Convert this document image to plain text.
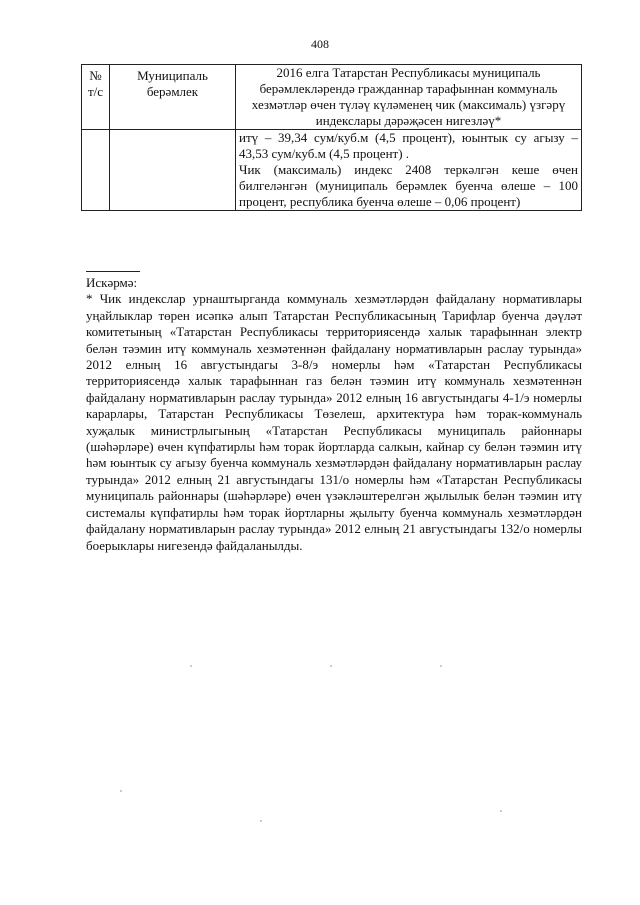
408
№ т/с	Муниципаль берәмлек	2016 елга Татарстан Республикасы муниципаль берәмлекләрендә гражданнар тарафыннан коммуналь хезмәтләр өчен түләү күләменең чик (максималь) үзгәрү индекслары дәрәҗәсен нигезләү*

		итү – 39,34 сум/куб.м (4,5 процент), юынтык су агызу – 43,53 сум/куб.м (4,5 процент) .

Чик (максималь) индекс 2408 теркәлгән кеше өчен билгеләнгән (муниципаль берәмлек буенча өлеше – 100 процент, республика буенча өлеше – 0,06 процент)

Искәрмә:

* Чик индекслар урнаштырганда коммуналь хезмәтләрдән файдалану нормативлары уңайлыклар төрен исәпкә алып Татарстан Республикасының Тарифлар буенча дәүләт комитетының «Татарстан Республикасы территориясендә халык тарафыннан электр белән тәэмин итү коммуналь хезмәтеннән файдалану нормативларын раслау турында» 2012 елның 16 августындагы 3-8/э номерлы һәм «Татарстан Республикасы территориясендә халык тарафыннан газ белән тәэмин итү коммуналь хезмәтеннән файдалану нормативларын раслау турында» 2012 елның 16 августындагы 4-1/э номерлы карарлары, Татарстан Республикасы Төзелеш, архитектура һәм торак-коммуналь хуҗалык министрлыгының «Татарстан Республикасы муниципаль районнары (шәһәрләре) өчен күпфатирлы һәм торак йортларда салкын, кайнар су белән тәэмин итү һәм юынтык су агызу буенча коммуналь хезмәтләрдән файдалану нормативларын раслау турында» 2012 елның 21 августындагы 131/о номерлы һәм «Татарстан Республикасы муниципаль районнары (шәһәрләре) өчен үзәкләштерелгән җылылык белән тәэмин итү системалы күпфатирлы һәм торак йортларны җылыту буенча коммуналь хезмәтләрдән файдалану нормативларын раслау турында» 2012 елның 21 августындагы 132/о номерлы боерыклары нигезендә файдаланылды.
